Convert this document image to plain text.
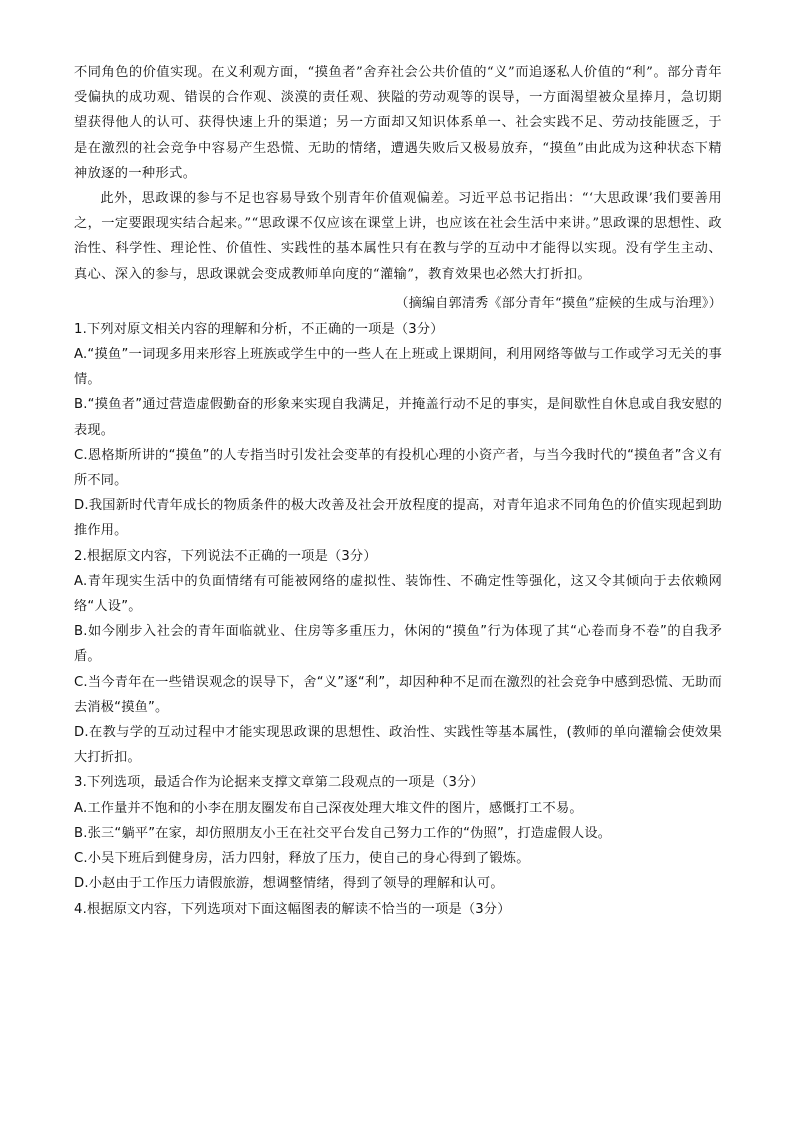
不同角色的价值实现。在义利观方面，“摸鱼者”舍弃社会公共价值的“义”而追逐私人价值的“利”。部分青年受偏执的成功观、错误的合作观、淡漠的责任观、狭隘的劳动观等的误导，一方面渴望被众星捧月，急切期望获得他人的认可、获得快速上升的渠道；另一方面却又知识体系单一、社会实践不足、劳动技能匮乏，于是在激烈的社会竞争中容易产生恐慌、无助的情绪，遭遇失败后又极易放弃，“摸鱼”由此成为这种状态下精神放逐的一种形式。

此外，思政课的参与不足也容易导致个别青年价值观偏差。习近平总书记指出：“‘大思政课’我们要善用之，一定要跟现实结合起来。”“思政课不仅应该在课堂上讲，也应该在社会生活中来讲。”思政课的思想性、政治性、科学性、理论性、价值性、实践性的基本属性只有在教与学的互动中才能得以实现。没有学生主动、真心、深入的参与，思政课就会变成教师单向度的“灌输”，教育效果也必然大打折扣。

（摘编自郭清秀《部分青年“摸鱼”症候的生成与治理》）

1.下列对原文相关内容的理解和分析，不正确的一项是（3分）

A.“摸鱼”一词现多用来形容上班族或学生中的一些人在上班或上课期间，利用网络等做与工作或学习无关的事情。

B.“摸鱼者”通过营造虚假勤奋的形象来实现自我满足，并掩盖行动不足的事实，是间歇性自休息或自我安慰的表现。

C.恩格斯所讲的“摸鱼”的人专指当时引发社会变革的有投机心理的小资产者，与当今我时代的“摸鱼者”含义有所不同。

D.我国新时代青年成长的物质条件的极大改善及社会开放程度的提高，对青年追求不同角色的价值实现起到助推作用。

2.根据原文内容，下列说法不正确的一项是（3分）

A.青年现实生活中的负面情绪有可能被网络的虚拟性、装饰性、不确定性等强化，这又令其倾向于去依赖网络“人设”。

B.如今刚步入社会的青年面临就业、住房等多重压力，休闲的“摸鱼”行为体现了其“心卷而身不卷”的自我矛盾。

C.当今青年在一些错误观念的误导下，舍“义”逐“利”，却因种种不足而在激烈的社会竞争中感到恐慌、无助而去消极“摸鱼”。

D.在教与学的互动过程中才能实现思政课的思想性、政治性、实践性等基本属性，(教师的单向灌输会使效果大打折扣。

3.下列选项，最适合作为论据来支撑文章第二段观点的一项是（3分）

A.工作量并不饱和的小李在朋友圈发布自己深夜处理大堆文件的图片，感慨打工不易。

B.张三“躺平”在家，却仿照朋友小王在社交平台发自己努力工作的“伪照”，打造虚假人设。

C.小吴下班后到健身房，活力四射，释放了压力，使自己的身心得到了锻炼。

D.小赵由于工作压力请假旅游，想调整情绪，得到了领导的理解和认可。

4.根据原文内容，下列选项对下面这幅图表的解读不恰当的一项是（3分）
